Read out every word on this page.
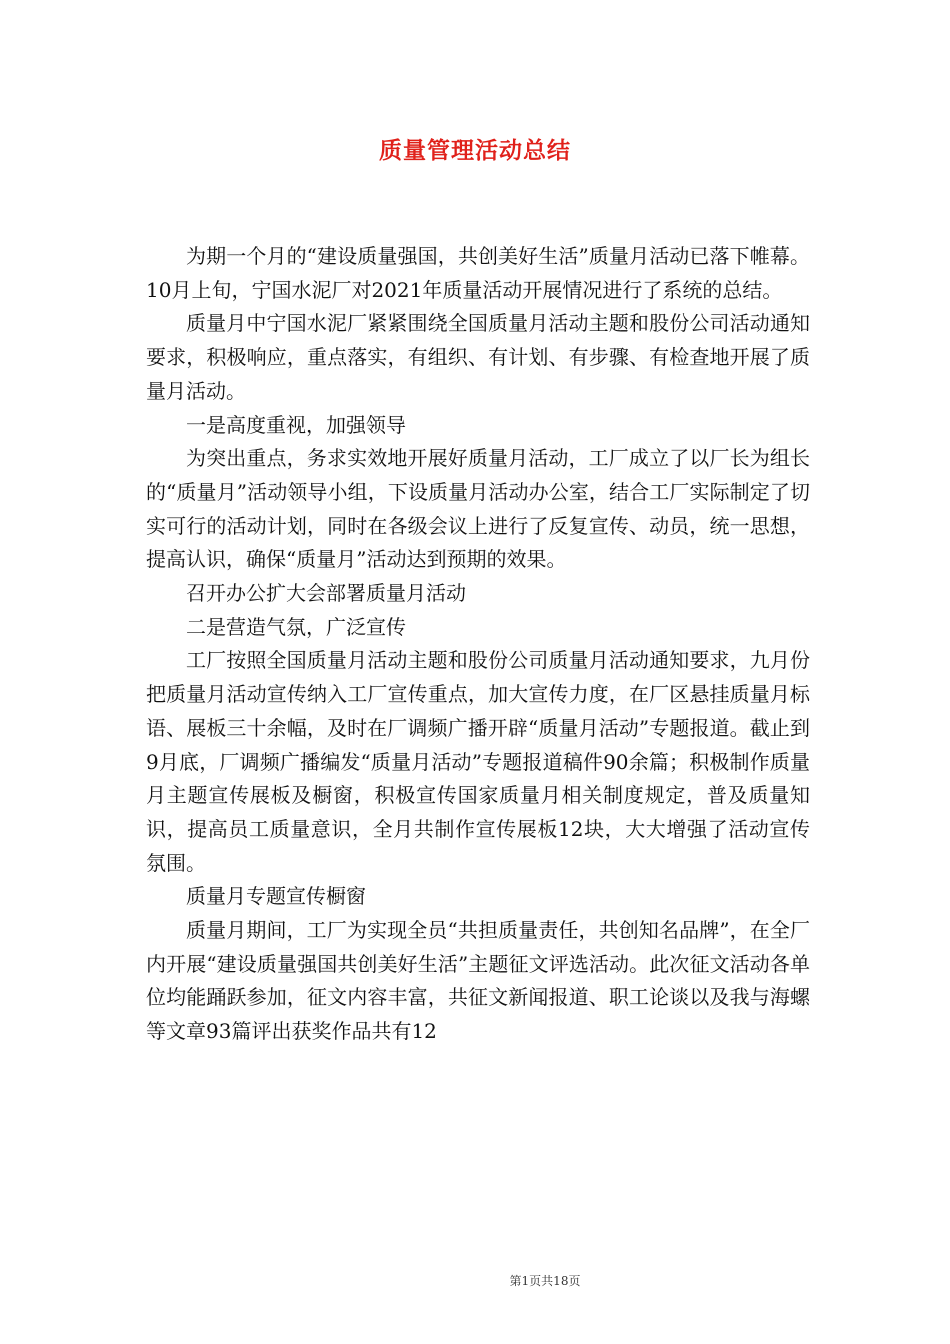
质量管理活动总结

为期一个月的“建设质量强国，共创美好生活”质量月活动已落下帷幕。10月上旬，宁国水泥厂对2021年质量活动开展情况进行了系统的总结。

质量月中宁国水泥厂紧紧围绕全国质量月活动主题和股份公司活动通知要求，积极响应，重点落实，有组织、有计划、有步骤、有检查地开展了质量月活动。

一是高度重视，加强领导

为突出重点，务求实效地开展好质量月活动，工厂成立了以厂长为组长的“质量月”活动领导小组，下设质量月活动办公室，结合工厂实际制定了切实可行的活动计划，同时在各级会议上进行了反复宣传、动员，统一思想，提高认识，确保“质量月”活动达到预期的效果。

召开办公扩大会部署质量月活动

二是营造气氛，广泛宣传

工厂按照全国质量月活动主题和股份公司质量月活动通知要求，九月份把质量月活动宣传纳入工厂宣传重点，加大宣传力度，在厂区悬挂质量月标语、展板三十余幅，及时在厂调频广播开辟“质量月活动”专题报道。截止到9月底，厂调频广播编发“质量月活动”专题报道稿件90余篇；积极制作质量月主题宣传展板及橱窗，积极宣传国家质量月相关制度规定，普及质量知识，提高员工质量意识，全月共制作宣传展板12块，大大增强了活动宣传氛围。

质量月专题宣传橱窗

质量月期间，工厂为实现全员“共担质量责任，共创知名品牌”，在全厂内开展“建设质量强国共创美好生活”主题征文评选活动。此次征文活动各单位均能踊跃参加，征文内容丰富，共征文新闻报道、职工论谈以及我与海螺等文章93篇评出获奖作品共有12

第1页共18页
